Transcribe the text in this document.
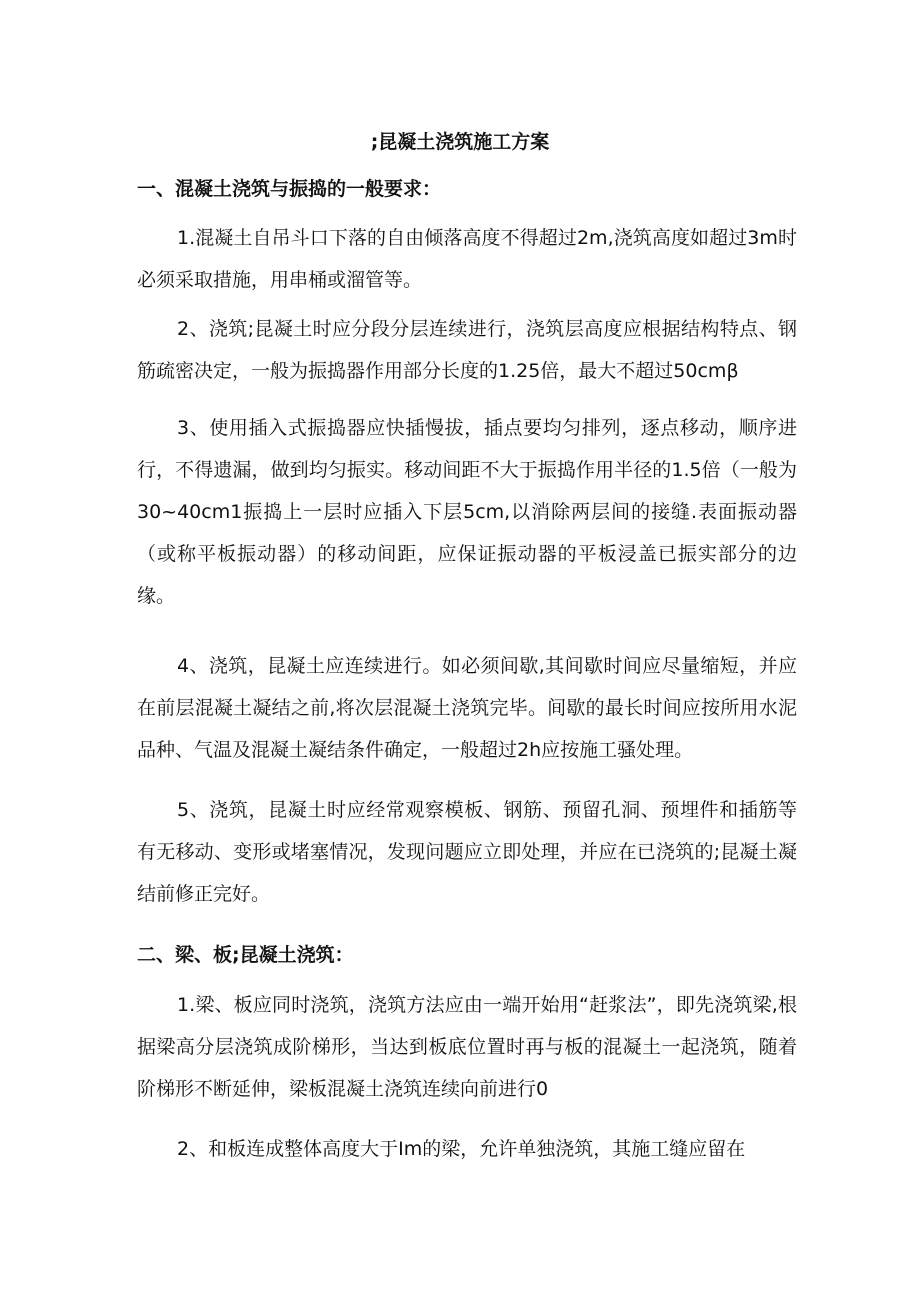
;昆凝土浇筑施工方案
一、混凝土浇筑与振捣的一般要求：

1.混凝土自吊斗口下落的自由倾落高度不得超过2m,浇筑高度如超过3m时必须采取措施，用串桶或溜管等。

2、浇筑;昆凝土时应分段分层连续进行，浇筑层高度应根据结构特点、钢筋疏密决定，一般为振捣器作用部分长度的1.25倍，最大不超过50cmβ

3、使用插入式振捣器应快插慢拔，插点要均匀排列，逐点移动，顺序进行，不得遗漏，做到均匀振实。移动间距不大于振捣作用半径的1.5倍（一般为30~40cm1振捣上一层时应插入下层5cm,以消除两层间的接缝.表面振动器（或称平板振动器）的移动间距，应保证振动器的平板浸盖已振实部分的边缘。

4、浇筑，昆凝土应连续进行。如必须间歇,其间歇时间应尽量缩短，并应在前层混凝土凝结之前,将次层混凝土浇筑完毕。间歇的最长时间应按所用水泥品种、气温及混凝土凝结条件确定，一般超过2h应按施工骚处理。

5、浇筑，昆凝土时应经常观察模板、钢筋、预留孔洞、预埋件和插筋等有无移动、变形或堵塞情况，发现问题应立即处理，并应在已浇筑的;昆凝土凝结前修正完好。

二、梁、板;昆凝土浇筑：

1.梁、板应同时浇筑，浇筑方法应由一端开始用“赶浆法”，即先浇筑梁,根据梁高分层浇筑成阶梯形，当达到板底位置时再与板的混凝土一起浇筑，随着阶梯形不断延伸，梁板混凝土浇筑连续向前进行0

2、和板连成整体高度大于Im的梁，允许单独浇筑，其施工缝应留在
